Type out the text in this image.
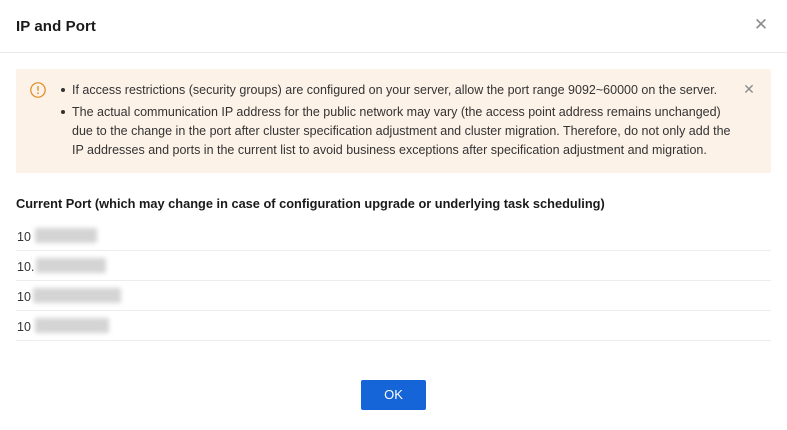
IP and Port	✕
✕
If access restrictions (security groups) are configured on your server, allow the port range 9092~60000 on the server.
The actual communication IP address for the public network may vary (the access point address remains unchanged) due to the change in the port after cluster specification adjustment and cluster migration. Therefore, do not only add the IP addresses and ports in the current list to avoid business exceptions after specification adjustment and migration.
Current Port (which may change in case of configuration upgrade or underlying task scheduling)
10
10.
10
10
OK
